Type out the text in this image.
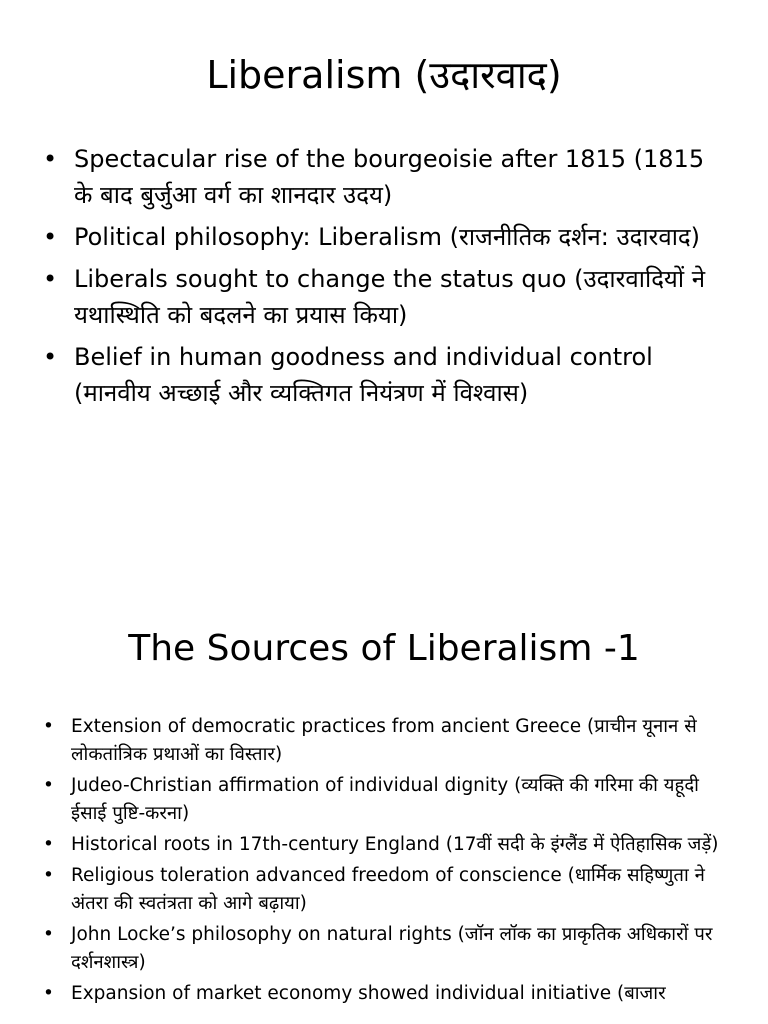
Liberalism (उदारवाद)
• Spectacular rise of the bourgeoisie after 1815 (1815 के बाद बुर्जुआ वर्ग का शानदार उदय)
• Political philosophy: Liberalism (राजनीतिक दर्शन: उदारवाद)
• Liberals sought to change the status quo (उदारवादियों ने यथास्थिति को बदलने का प्रयास किया)
• Belief in human goodness and individual control (मानवीय अच्छाई और व्यक्तिगत नियंत्रण में विश्वास)
The Sources of Liberalism -1
• Extension of democratic practices from ancient Greece (प्राचीन यूनान से लोकतांत्रिक प्रथाओं का विस्तार)
• Judeo-Christian affirmation of individual dignity (व्यक्ति की गरिमा की यहूदी ईसाई पुष्टि-करना)
• Historical roots in 17th-century England (17वीं सदी के इंग्लैंड में ऐतिहासिक जड़ें)
• Religious toleration advanced freedom of conscience (धार्मिक सहिष्णुता ने अंतरा की स्वतंत्रता को आगे बढ़ाया)
• John Locke’s philosophy on natural rights (जॉन लॉक का प्राकृतिक अधिकारों पर दर्शनशास्त्र)
• Expansion of market economy showed individual initiative (बाजार
